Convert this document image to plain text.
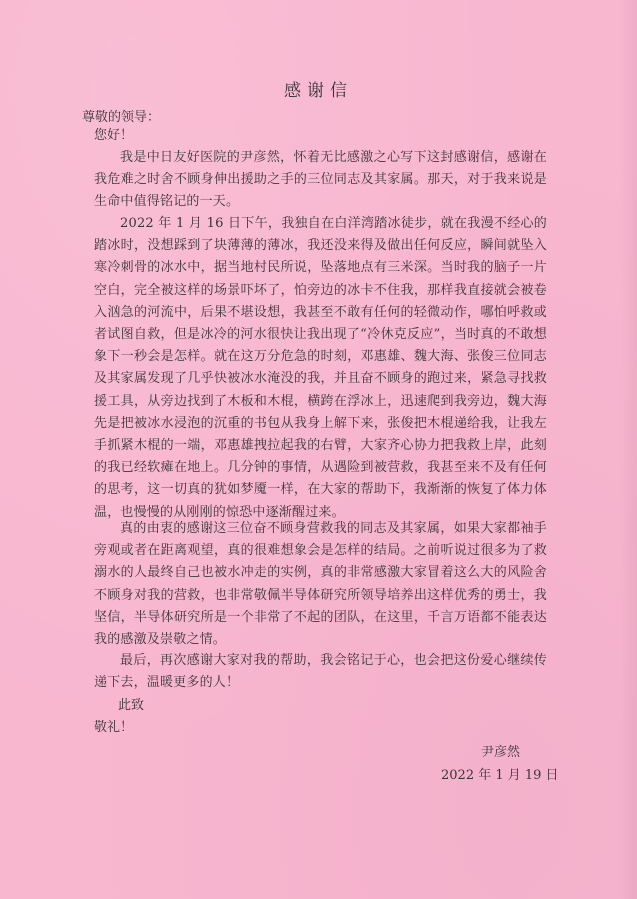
感谢信
尊敬的领导：
您好！
我是中日友好医院的尹彦然，怀着无比感激之心写下这封感谢信，感谢在我危难之时舍不顾身伸出援助之手的三位同志及其家属。那天，对于我来说是生命中值得铭记的一天。
2022 年 1 月 16 日下午，我独自在白洋湾踏冰徒步，就在我漫不经心的踏冰时，没想踩到了块薄薄的薄冰，我还没来得及做出任何反应，瞬间就坠入寒冷刺骨的冰水中，据当地村民所说，坠落地点有三米深。当时我的脑子一片空白，完全被这样的场景吓坏了，怕旁边的冰卡不住我，那样我直接就会被卷入汹急的河流中，后果不堪设想，我甚至不敢有任何的轻微动作，哪怕呼救或者试图自救，但是冰冷的河水很快让我出现了“冷休克反应”，当时真的不敢想象下一秒会是怎样。就在这万分危急的时刻，邓惠雄、魏大海、张俊三位同志及其家属发现了几乎快被冰水淹没的我，并且奋不顾身的跑过来，紧急寻找救援工具，从旁边找到了木板和木棍，横跨在浮冰上，迅速爬到我旁边，魏大海先是把被冰水浸泡的沉重的书包从我身上解下来，张俊把木棍递给我，让我左手抓紧木棍的一端，邓惠雄拽拉起我的右臂，大家齐心协力把我救上岸，此刻的我已经软瘫在地上。几分钟的事情，从遇险到被营救，我甚至来不及有任何的思考，这一切真的犹如梦魇一样，在大家的帮助下，我渐渐的恢复了体力体温，也慢慢的从刚刚的惊恐中逐渐醒过来。
真的由衷的感谢这三位奋不顾身营救我的同志及其家属，如果大家都袖手旁观或者在距离观望，真的很难想象会是怎样的结局。之前听说过很多为了救溺水的人最终自己也被水冲走的实例，真的非常感激大家冒着这么大的风险舍不顾身对我的营救，也非常敬佩半导体研究所领导培养出这样优秀的勇士，我坚信，半导体研究所是一个非常了不起的团队，在这里，千言万语都不能表达我的感激及崇敬之情。
最后，再次感谢大家对我的帮助，我会铭记于心，也会把这份爱心继续传递下去，温暖更多的人！
此致
敬礼！
尹彦然
2022 年 1 月 19 日
